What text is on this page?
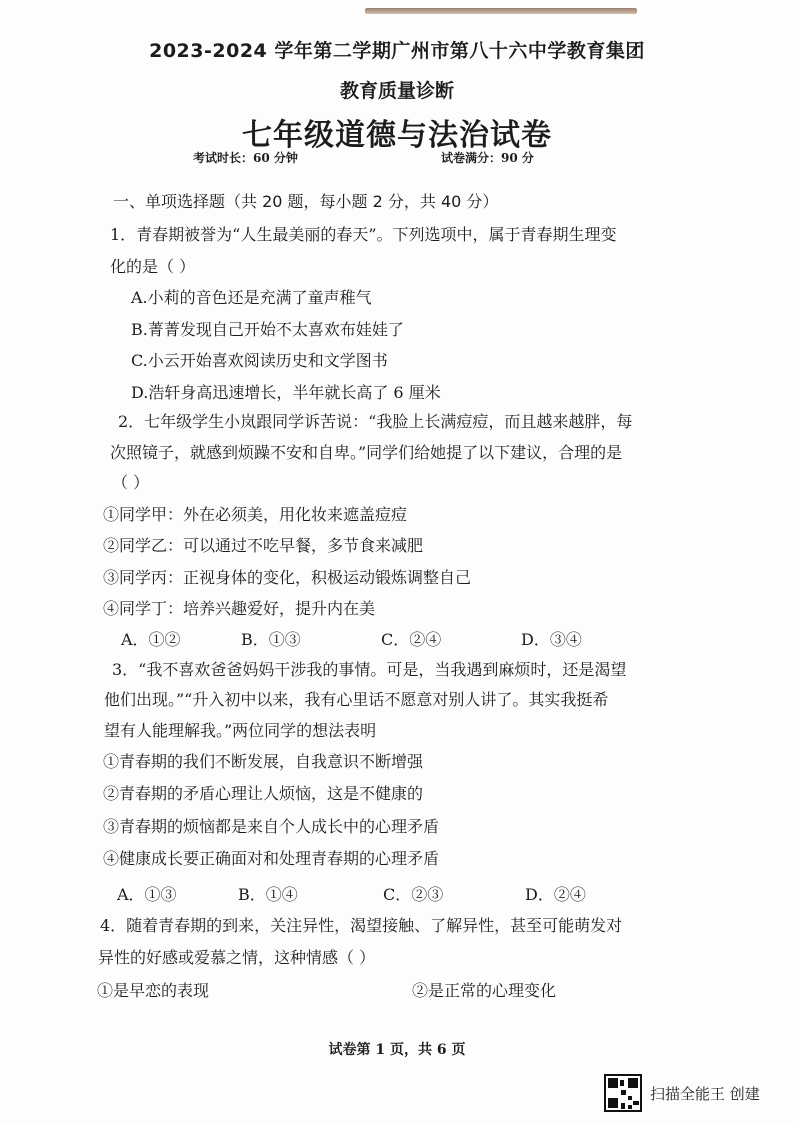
2023-2024 学年第二学期广州市第八十六中学教育集团
教育质量诊断
七年级道德与法治试卷
考试时长：60 分钟	试卷满分：90 分
一、单项选择题（共 20 题，每小题 2 分，共 40 分）
1．青春期被誉为“人生最美丽的春天”。下列选项中，属于青春期生理变
化的是（ ）
A.小莉的音色还是充满了童声稚气
B.菁菁发现自己开始不太喜欢布娃娃了
C.小云开始喜欢阅读历史和文学图书
D.浩轩身高迅速增长，半年就长高了 6 厘米
2．七年级学生小岚跟同学诉苦说：“我脸上长满痘痘，而且越来越胖，每
次照镜子，就感到烦躁不安和自卑。”同学们给她提了以下建议，合理的是
（ ）
①同学甲：外在必须美，用化妆来遮盖痘痘
②同学乙：可以通过不吃早餐，多节食来减肥
③同学丙：正视身体的变化，积极运动锻炼调整自己
④同学丁：培养兴趣爱好，提升内在美
A．①②	B．①③	C．②④	D．③④
3．“我不喜欢爸爸妈妈干涉我的事情。可是，当我遇到麻烦时，还是渴望
他们出现。”“升入初中以来，我有心里话不愿意对别人讲了。其实我挺希
望有人能理解我。”两位同学的想法表明
①青春期的我们不断发展，自我意识不断增强
②青春期的矛盾心理让人烦恼，这是不健康的
③青春期的烦恼都是来自个人成长中的心理矛盾
④健康成长要正确面对和处理青春期的心理矛盾
A．①③	B．①④	C．②③	D．②④
4．随着青春期的到来，关注异性，渴望接触、了解异性，甚至可能萌发对
异性的好感或爱慕之情，这种情感（ ）
①是早恋的表现	②是正常的心理变化
试卷第 1 页，共 6 页
扫描全能王 创建
